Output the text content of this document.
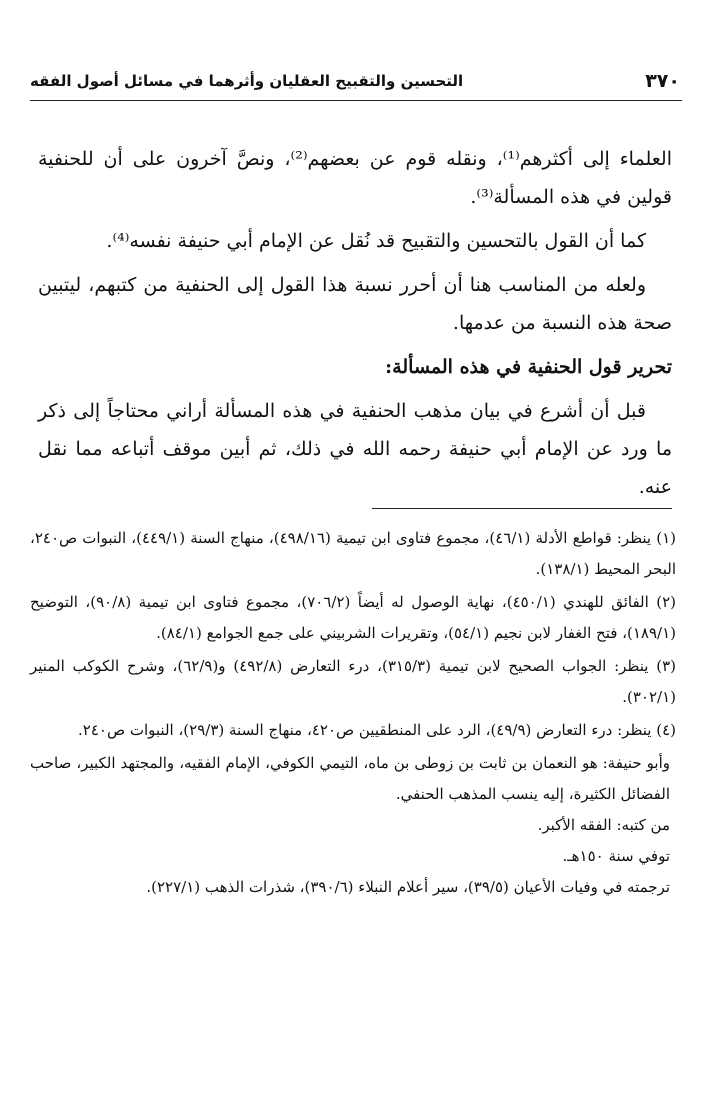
٣٧٠
التحسين والتقبيح العقليان وأثرهما في مسائل أصول الفقه

العلماء إلى أكثرهم⁽¹⁾، ونقله قوم عن بعضهم⁽²⁾، ونصَّ آخرون على أن للحنفية قولين في هذه المسألة⁽³⁾.

كما أن القول بالتحسين والتقبيح قد نُقل عن الإمام أبي حنيفة نفسه⁽⁴⁾.

ولعله من المناسب هنا أن أحرر نسبة هذا القول إلى الحنفية من كتبهم، ليتبين صحة هذه النسبة من عدمها.

تحرير قول الحنفية في هذه المسألة:

قبل أن أشرع في بيان مذهب الحنفية في هذه المسألة أراني محتاجاً إلى ذكر ما ورد عن الإمام أبي حنيفة رحمه الله في ذلك، ثم أبين موقف أتباعه مما نقل عنه.

(١) ينظر: قواطع الأدلة (٤٦/١)، مجموع فتاوى ابن تيمية (٤٩٨/١٦)، منهاج السنة (٤٤٩/١)، النبوات ص٢٤٠، البحر المحيط (١٣٨/١).

(٢) الفائق للهندي (٤٥٠/١)، نهاية الوصول له أيضاً (٧٠٦/٢)، مجموع فتاوى ابن تيمية (٩٠/٨)، التوضيح (١٨٩/١)، فتح الغفار لابن نجيم (٥٤/١)، وتقريرات الشربيني على جمع الجوامع (٨٤/١).

(٣) ينظر: الجواب الصحيح لابن تيمية (٣١٥/٣)، درء التعارض (٤٩٢/٨) و(٦٢/٩)، وشرح الكوكب المنير (٣٠٢/١).

(٤) ينظر: درء التعارض (٤٩/٩)، الرد على المنطقيين ص٤٢٠، منهاج السنة (٢٩/٣)، النبوات ص٢٤٠.

وأبو حنيفة: هو النعمان بن ثابت بن زوطى بن ماه، التيمي الكوفي، الإمام الفقيه، والمجتهد الكبير، صاحب الفضائل الكثيرة، إليه ينسب المذهب الحنفي.

من كتبه: الفقه الأكبر.

توفي سنة ١٥٠هـ.

ترجمته في وفيات الأعيان (٣٩/٥)، سير أعلام النبلاء (٣٩٠/٦)، شذرات الذهب (٢٢٧/١).
